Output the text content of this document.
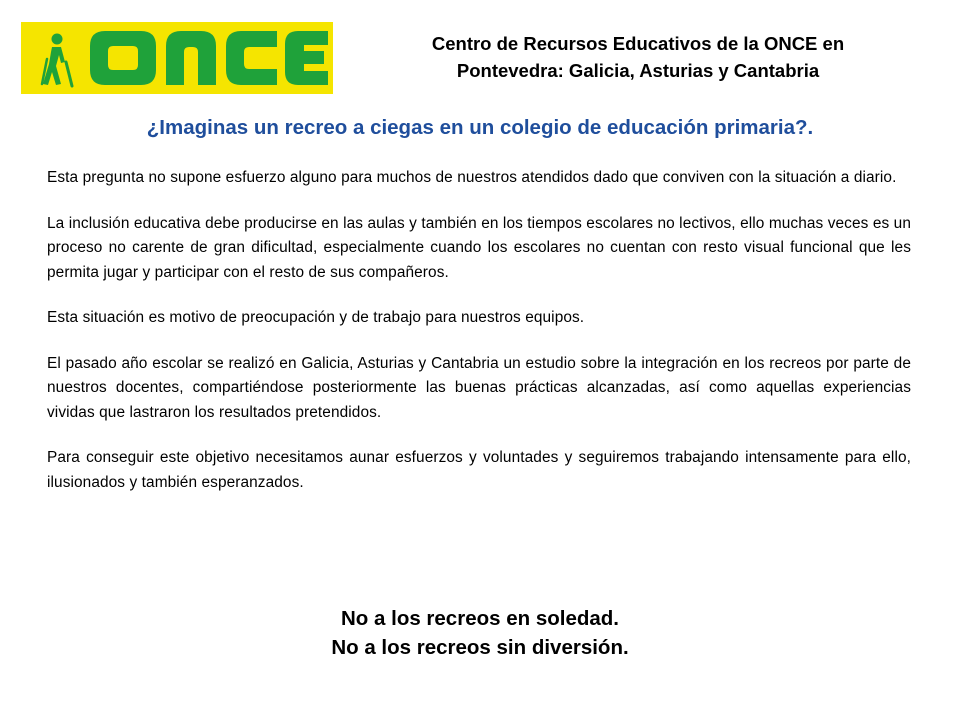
Centro de Recursos Educativos de la ONCE en
Pontevedra: Galicia, Asturias y Cantabria
¿Imaginas un recreo a ciegas en un colegio de educación primaria?.

Esta pregunta no supone esfuerzo alguno para muchos de nuestros atendidos dado que conviven con la situación a diario.

La inclusión educativa debe producirse en las aulas y también en los tiempos escolares no lectivos, ello muchas veces es un proceso no carente de gran dificultad, especialmente cuando los escolares no cuentan con resto visual funcional que les permita jugar y participar con el resto de sus compañeros.

Esta situación es motivo de preocupación y de trabajo para nuestros equipos.

El pasado año escolar se realizó en Galicia, Asturias y Cantabria un estudio sobre la integración en los recreos por parte de nuestros docentes, compartiéndose posteriormente las buenas prácticas alcanzadas, así como aquellas experiencias vividas que lastraron los resultados pretendidos.

Para conseguir este objetivo necesitamos aunar esfuerzos y voluntades y seguiremos trabajando intensamente para ello, ilusionados y también esperanzados.

No a los recreos en soledad.
No a los recreos sin diversión.
